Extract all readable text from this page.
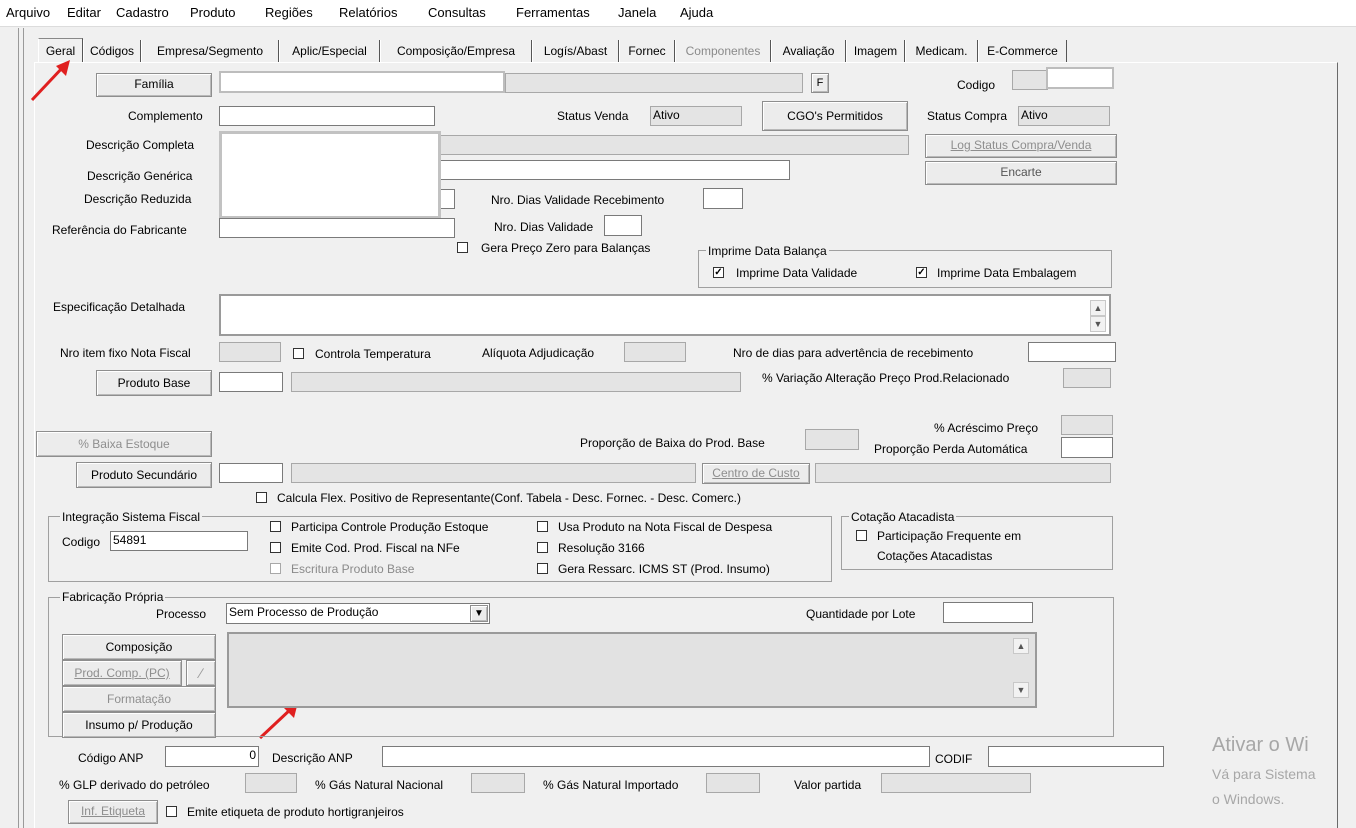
Arquivo Editar Cadastro Produto Regiões Relatórios Consultas Ferramentas Janela Ajuda
Geral	Códigos	Empresa/Segmento	Aplic/Especial	Composição/Empresa	Logís/Abast	Fornec	Componentes	Avaliação	Imagem	Medicam.	E-Commerce
Família	F	Codigo
Complemento	Status Venda Ativo	CGO's Permitidos	Status Compra Ativo
Descrição Completa	Log Status Compra/Venda
Descrição Genérica	Encarte
Descrição Reduzida	Nro. Dias Validade Recebimento
Referência do Fabricante	Nro. Dias Validade
Gera Preço Zero para Balanças	Imprime Data Balança
✓ Imprime Data Validade	✓ Imprime Data Embalagem
Especificação Detalhada	▲
▼
Nro item fixo Nota Fiscal	Controla Temperatura	Alíquota Adjudicação	Nro de dias para advertência de recebimento
Produto Base	% Variação Alteração Preço Prod.Relacionado
% Acréscimo Preço
% Baixa Estoque	Proporção de Baixa do Prod. Base	Proporção Perda Automática
Produto Secundário	Centro de Custo
Calcula Flex. Positivo de Representante(Conf. Tabela - Desc. Fornec. - Desc. Comerc.)
Integração Sistema Fiscal
Codigo 54891
Participa Controle Produção Estoque
Emite Cod. Prod. Fiscal na NFe
Escritura Produto Base
Usa Produto na Nota Fiscal de Despesa
Resolução 3166
Gera Ressarc. ICMS ST (Prod. Insumo)
Cotação Atacadista
Participação Frequente em
Cotações Atacadistas
Fabricação Própria
Processo Sem Processo de Produção	▼	Quantidade por Lote
Composição
Prod. Comp. (PC)	∕
Formatação
Insumo p/ Produção
▲
▼
Código ANP	0 Descrição ANP	CODIF
% GLP derivado do petróleo	% Gás Natural Nacional	% Gás Natural Importado	Valor partida
Inf. Etiqueta	Emite etiqueta de produto hortigranjeiros
Ativar o Wi
Vá para Sistema
o Windows.
